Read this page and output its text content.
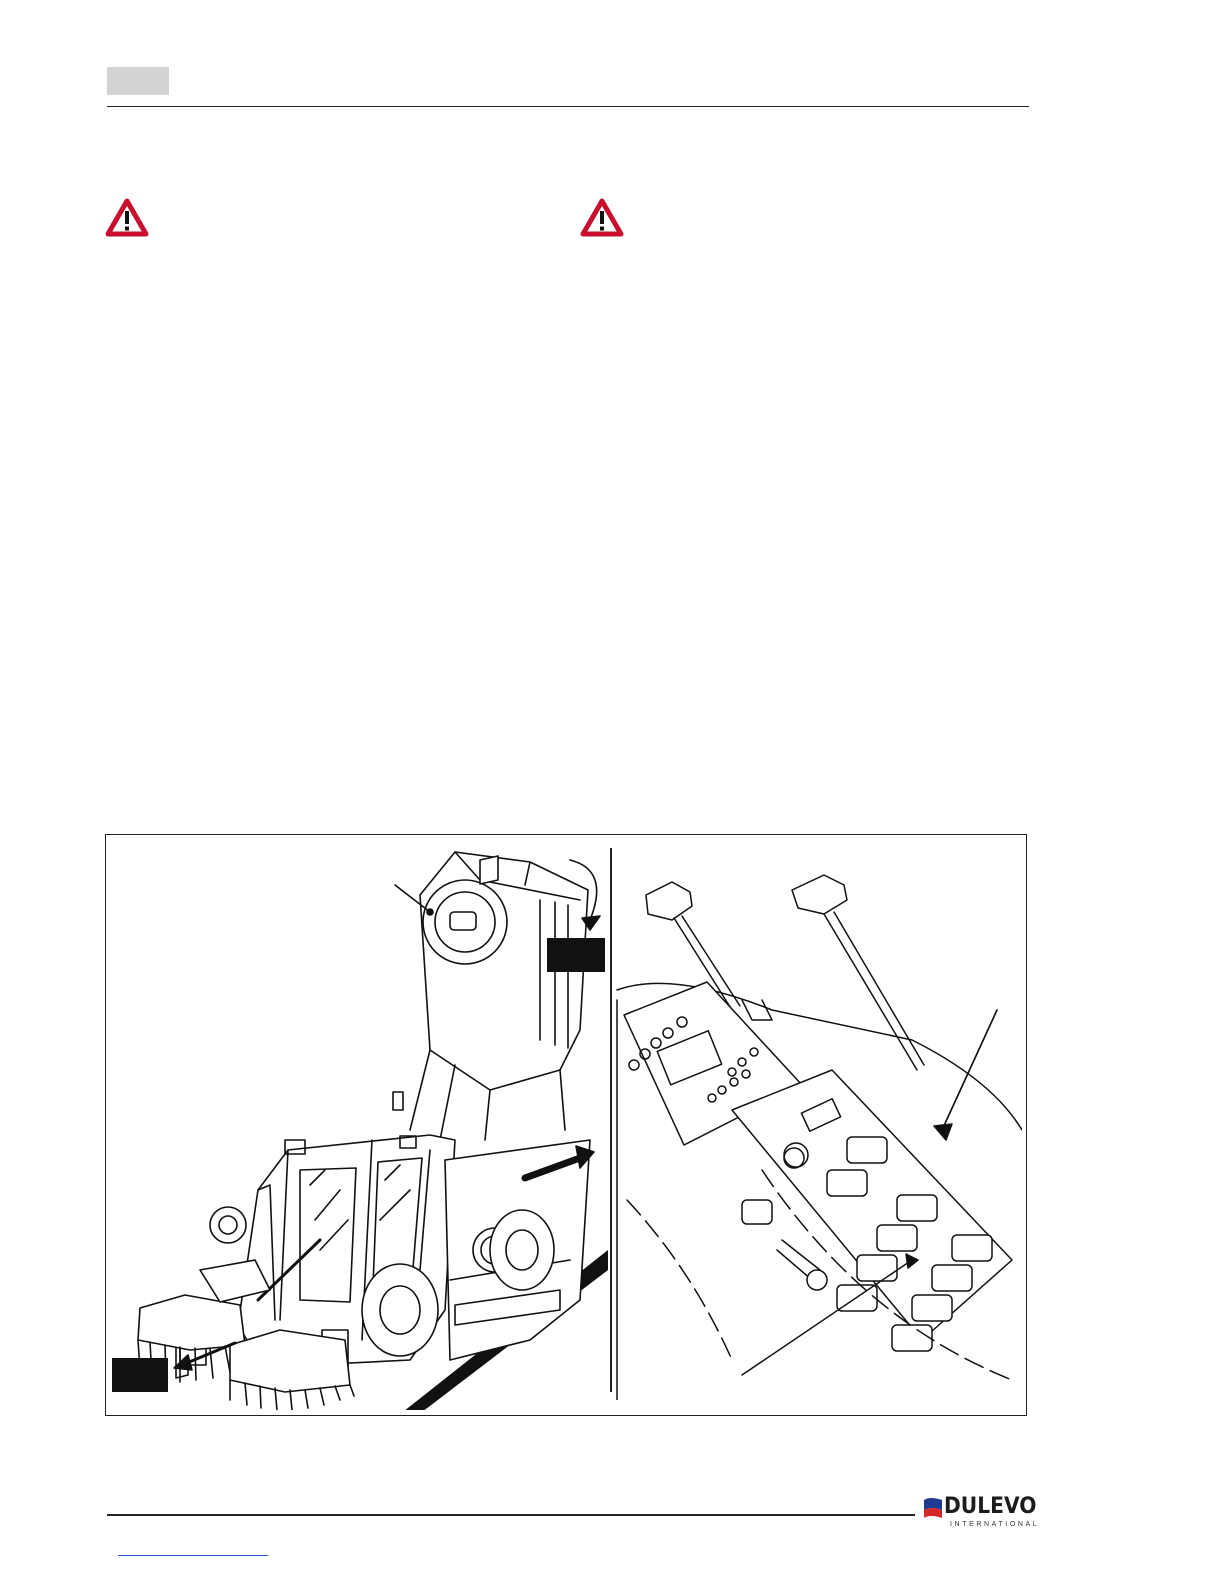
DULEVO
INTERNATIONAL
